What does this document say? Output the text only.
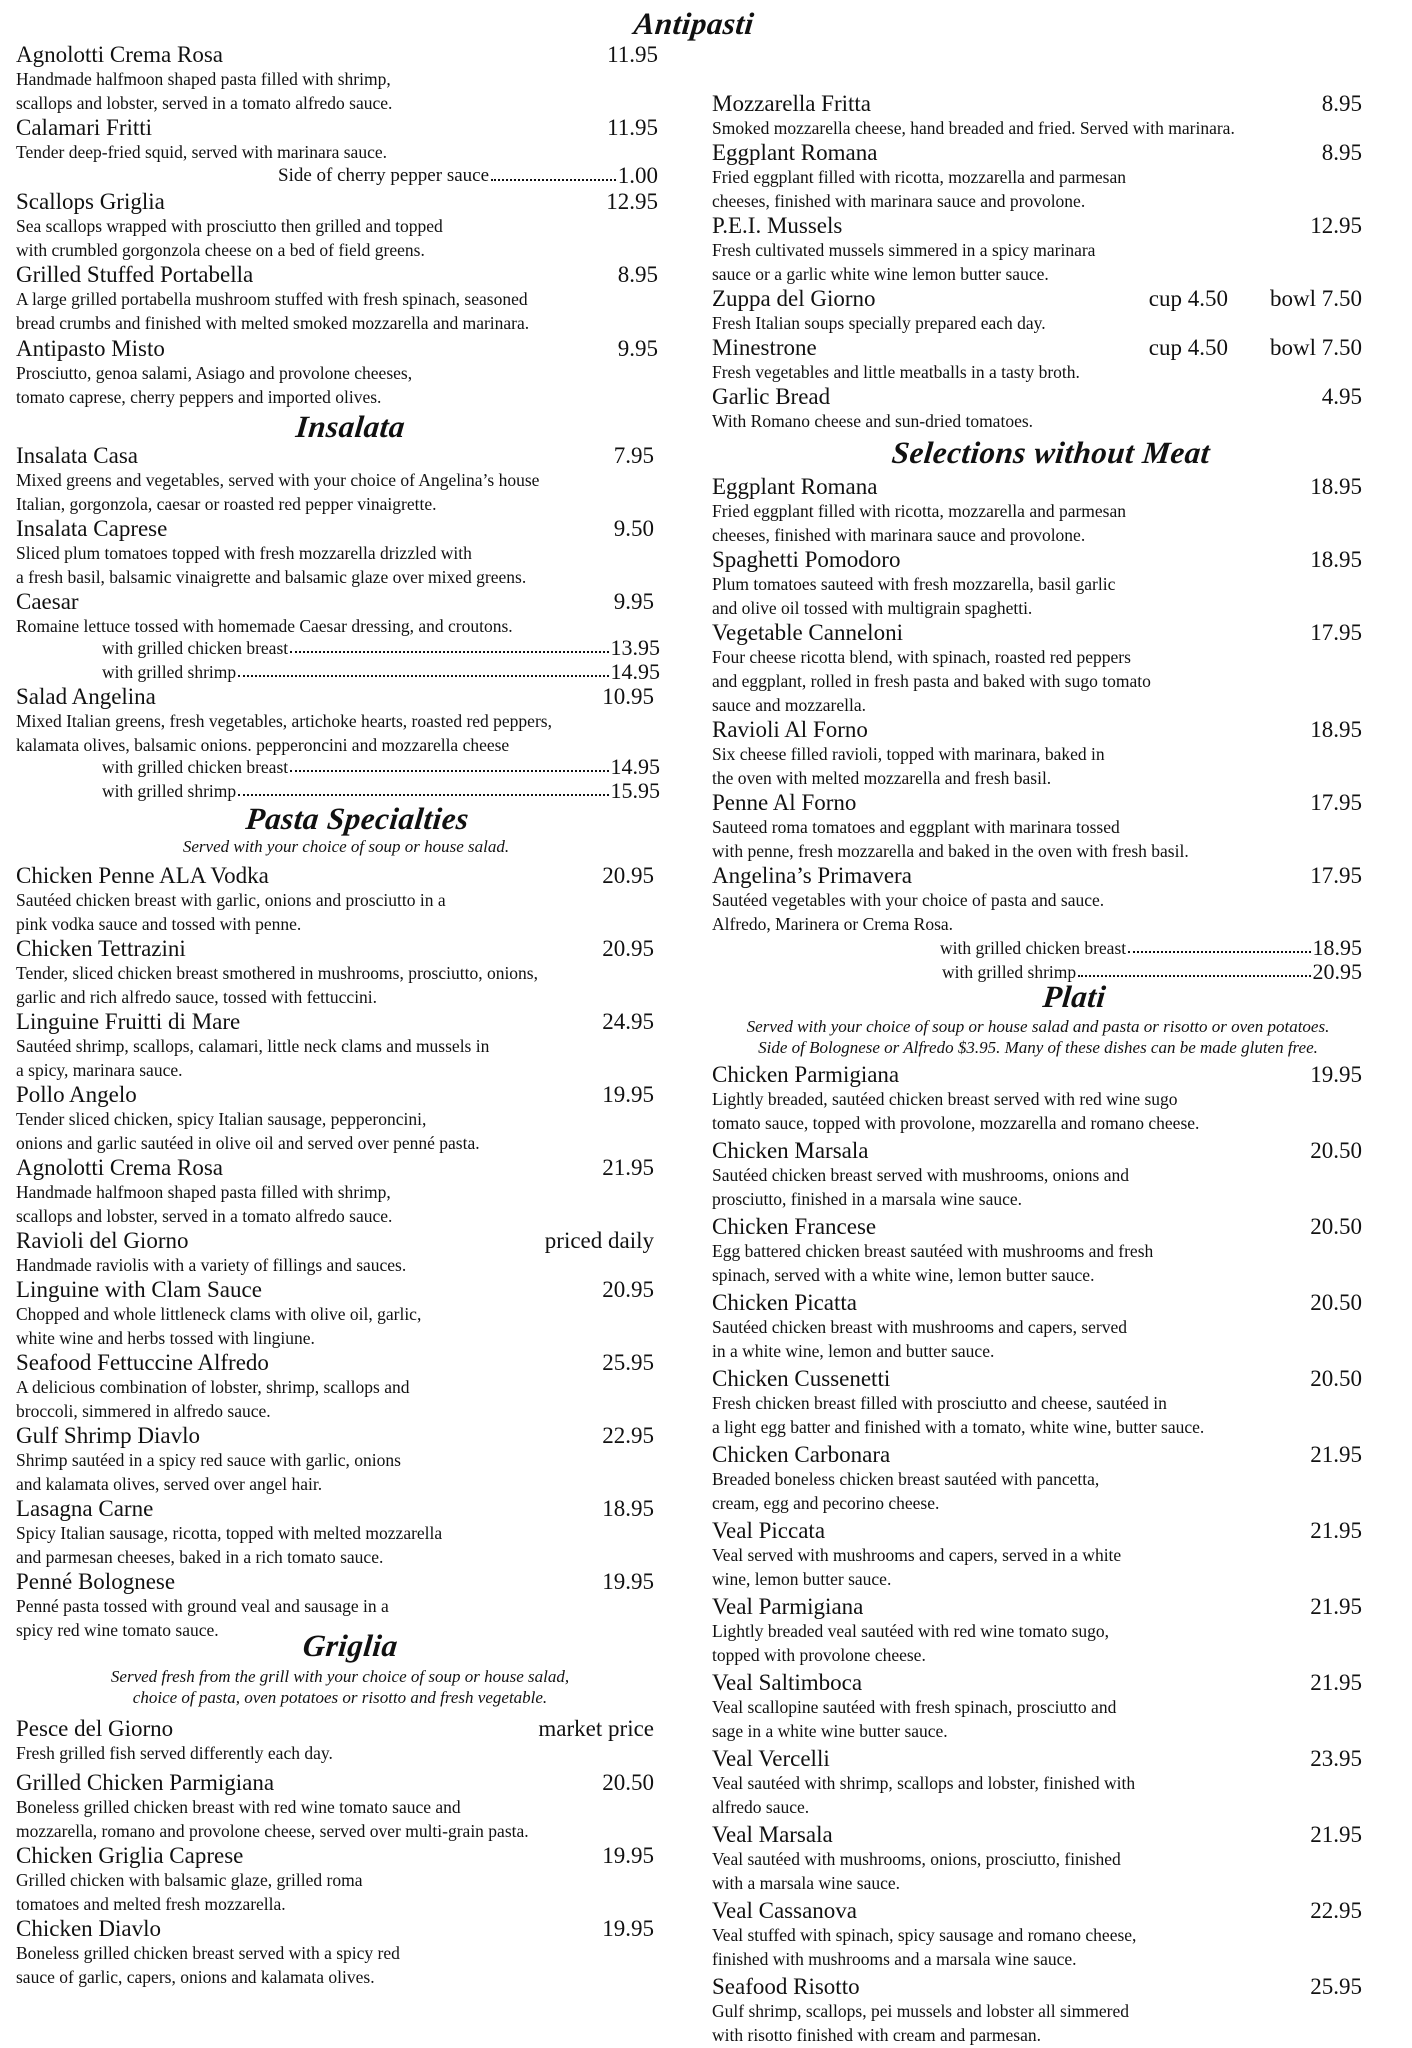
Antipasti
Insalata
Pasta Specialties
Served with your choice of soup or house salad.
Griglia
Served fresh from the grill with your choice of soup or house salad,
choice of pasta, oven potatoes or risotto and fresh vegetable.
Selections without Meat
Plati
Served with your choice of soup or house salad and pasta or risotto or oven potatoes.
Side of Bolognese or Alfredo $3.95. Many of these dishes can be made gluten free.
Agnolotti Crema Rosa	11.95
Handmade halfmoon shaped pasta filled with shrimp,
scallops and lobster, served in a tomato alfredo sauce.
Calamari Fritti	11.95
Tender deep-fried squid, served with marinara sauce.
Side of cherry pepper sauce	1.00
Scallops Griglia	12.95
Sea scallops wrapped with prosciutto then grilled and topped
with crumbled gorgonzola cheese on a bed of field greens.
Grilled Stuffed Portabella	8.95
A large grilled portabella mushroom stuffed with fresh spinach, seasoned
bread crumbs and finished with melted smoked mozzarella and marinara.
Antipasto Misto	9.95
Prosciutto, genoa salami, Asiago and provolone cheeses,
tomato caprese, cherry peppers and imported olives.
Insalata Casa	7.95
Mixed greens and vegetables, served with your choice of Angelina’s house
Italian, gorgonzola, caesar or roasted red pepper vinaigrette.
Insalata Caprese	9.50
Sliced plum tomatoes topped with fresh mozzarella drizzled with
a fresh basil, balsamic vinaigrette and balsamic glaze over mixed greens.
Caesar	9.95
Romaine lettuce tossed with homemade Caesar dressing, and croutons.
with grilled chicken breast	13.95
with grilled shrimp	14.95
Salad Angelina	10.95
Mixed Italian greens, fresh vegetables, artichoke hearts, roasted red peppers,
kalamata olives, balsamic onions. pepperoncini and mozzarella cheese
with grilled chicken breast	14.95
with grilled shrimp	15.95
Chicken Penne ALA Vodka	20.95
Sautéed chicken breast with garlic, onions and prosciutto in a
pink vodka sauce and tossed with penne.
Chicken Tettrazini	20.95
Tender, sliced chicken breast smothered in mushrooms, prosciutto, onions,
garlic and rich alfredo sauce, tossed with fettuccini.
Linguine Fruitti di Mare	24.95
Sautéed shrimp, scallops, calamari, little neck clams and mussels in
a spicy, marinara sauce.
Pollo Angelo	19.95
Tender sliced chicken, spicy Italian sausage, pepperoncini,
onions and garlic sautéed in olive oil and served over penné pasta.
Agnolotti Crema Rosa	21.95
Handmade halfmoon shaped pasta filled with shrimp,
scallops and lobster, served in a tomato alfredo sauce.
Ravioli del Giorno	priced daily
Handmade raviolis with a variety of fillings and sauces.
Linguine with Clam Sauce	20.95
Chopped and whole littleneck clams with olive oil, garlic,
white wine and herbs tossed with lingiune.
Seafood Fettuccine Alfredo	25.95
A delicious combination of lobster, shrimp, scallops and
broccoli, simmered in alfredo sauce.
Gulf Shrimp Diavlo	22.95
Shrimp sautéed in a spicy red sauce with garlic, onions
and kalamata olives, served over angel hair.
Lasagna Carne	18.95
Spicy Italian sausage, ricotta, topped with melted mozzarella
and parmesan cheeses, baked in a rich tomato sauce.
Penné Bolognese	19.95
Penné pasta tossed with ground veal and sausage in a
spicy red wine tomato sauce.
Pesce del Giorno	market price
Fresh grilled fish served differently each day.
Grilled Chicken Parmigiana	20.50
Boneless grilled chicken breast with red wine tomato sauce and
mozzarella, romano and provolone cheese, served over multi-grain pasta.
Chicken Griglia Caprese	19.95
Grilled chicken with balsamic glaze, grilled roma
tomatoes and melted fresh mozzarella.
Chicken Diavlo	19.95
Boneless grilled chicken breast served with a spicy red
sauce of garlic, capers, onions and kalamata olives.
Mozzarella Fritta	8.95
Smoked mozzarella cheese, hand breaded and fried. Served with marinara.
Eggplant Romana	8.95
Fried eggplant filled with ricotta, mozzarella and parmesan
cheeses, finished with marinara sauce and provolone.
P.E.I. Mussels	12.95
Fresh cultivated mussels simmered in a spicy marinara
sauce or a garlic white wine lemon butter sauce.
Zuppa del Giorno	cup 4.50 bowl 7.50
Fresh Italian soups specially prepared each day.
Minestrone	cup 4.50 bowl 7.50
Fresh vegetables and little meatballs in a tasty broth.
Garlic Bread	4.95
With Romano cheese and sun-dried tomatoes.
Eggplant Romana	18.95
Fried eggplant filled with ricotta, mozzarella and parmesan
cheeses, finished with marinara sauce and provolone.
Spaghetti Pomodoro	18.95
Plum tomatoes sauteed with fresh mozzarella, basil garlic
and olive oil tossed with multigrain spaghetti.
Vegetable Canneloni	17.95
Four cheese ricotta blend, with spinach, roasted red peppers
and eggplant, rolled in fresh pasta and baked with sugo tomato
sauce and mozzarella.
Ravioli Al Forno	18.95
Six cheese filled ravioli, topped with marinara, baked in
the oven with melted mozzarella and fresh basil.
Penne Al Forno	17.95
Sauteed roma tomatoes and eggplant with marinara tossed
with penne, fresh mozzarella and baked in the oven with fresh basil.
Angelina’s Primavera	17.95
Sautéed vegetables with your choice of pasta and sauce.
Alfredo, Marinera or Crema Rosa.
with grilled chicken breast	18.95
with grilled shrimp	20.95
Chicken Parmigiana	19.95
Lightly breaded, sautéed chicken breast served with red wine sugo
tomato sauce, topped with provolone, mozzarella and romano cheese.
Chicken Marsala	20.50
Sautéed chicken breast served with mushrooms, onions and
prosciutto, finished in a marsala wine sauce.
Chicken Francese	20.50
Egg battered chicken breast sautéed with mushrooms and fresh
spinach, served with a white wine, lemon butter sauce.
Chicken Picatta	20.50
Sautéed chicken breast with mushrooms and capers, served
in a white wine, lemon and butter sauce.
Chicken Cussenetti	20.50
Fresh chicken breast filled with prosciutto and cheese, sautéed in
a light egg batter and finished with a tomato, white wine, butter sauce.
Chicken Carbonara	21.95
Breaded boneless chicken breast sautéed with pancetta,
cream, egg and pecorino cheese.
Veal Piccata	21.95
Veal served with mushrooms and capers, served in a white
wine, lemon butter sauce.
Veal Parmigiana	21.95
Lightly breaded veal sautéed with red wine tomato sugo,
topped with provolone cheese.
Veal Saltimboca	21.95
Veal scallopine sautéed with fresh spinach, prosciutto and
sage in a white wine butter sauce.
Veal Vercelli	23.95
Veal sautéed with shrimp, scallops and lobster, finished with
alfredo sauce.
Veal Marsala	21.95
Veal sautéed with mushrooms, onions, prosciutto, finished
with a marsala wine sauce.
Veal Cassanova	22.95
Veal stuffed with spinach, spicy sausage and romano cheese,
finished with mushrooms and a marsala wine sauce.
Seafood Risotto	25.95
Gulf shrimp, scallops, pei mussels and lobster all simmered
with risotto finished with cream and parmesan.
